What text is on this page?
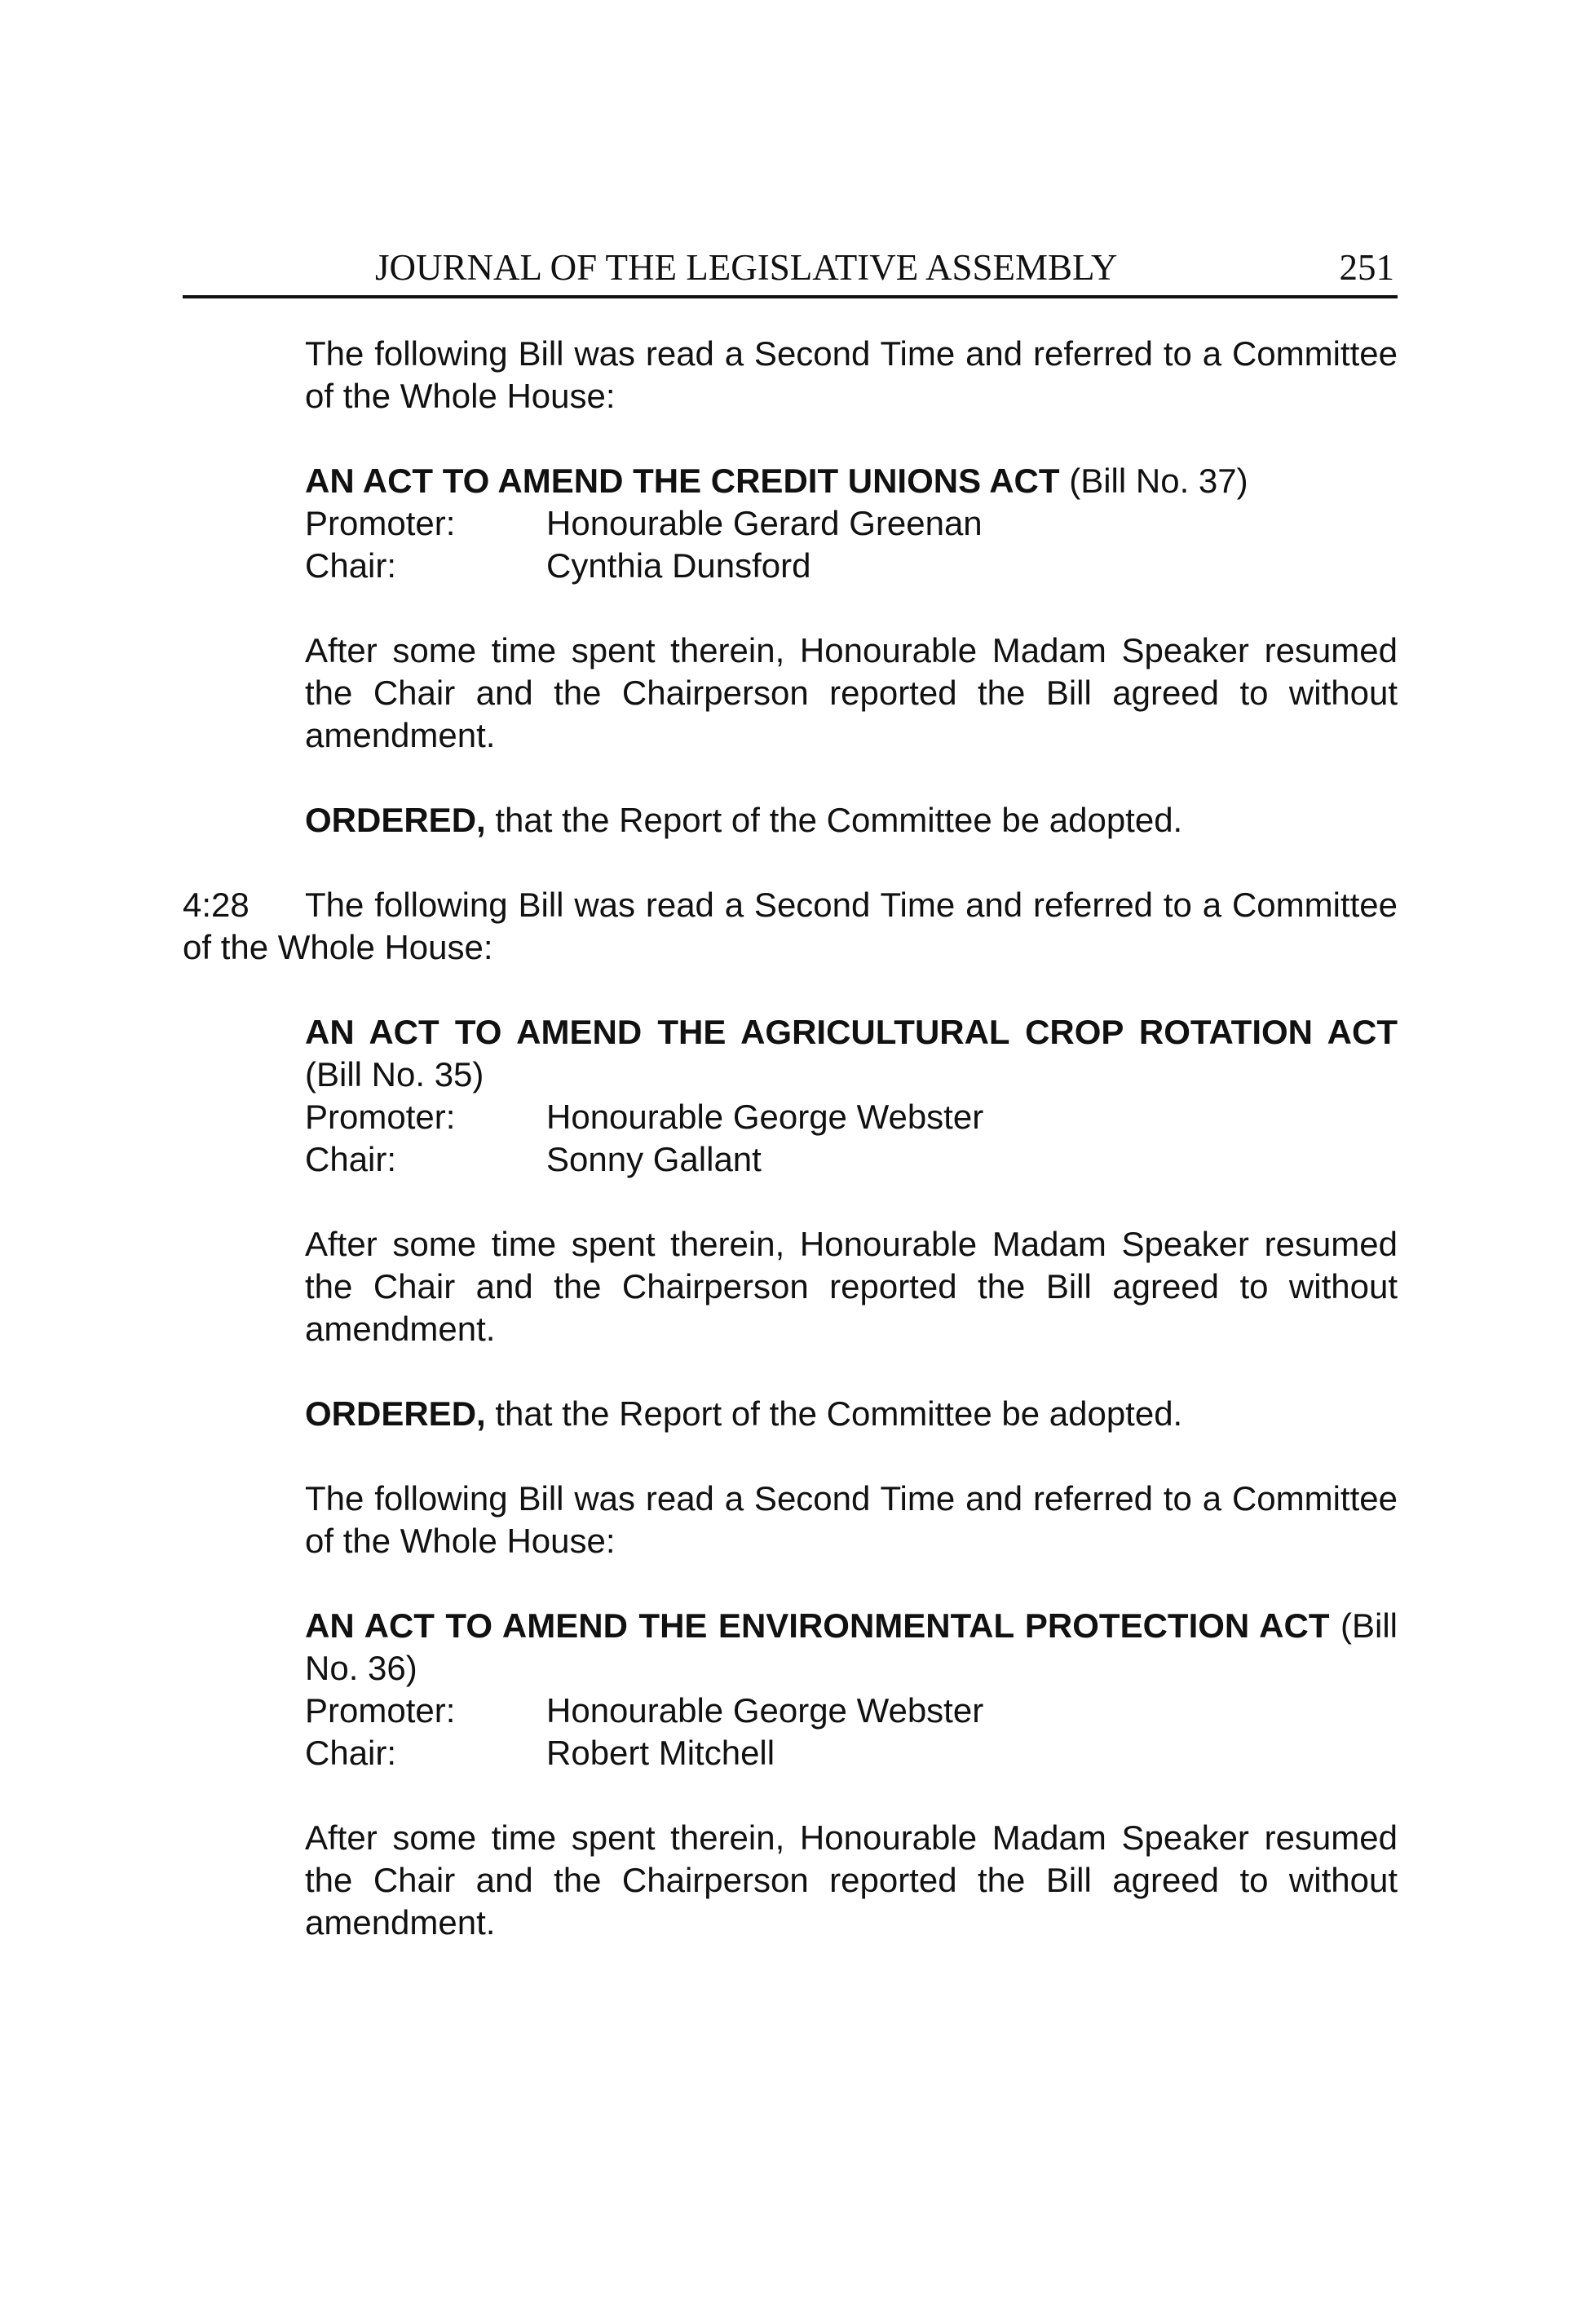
JOURNAL OF THE LEGISLATIVE ASSEMBLY	251

The following Bill was read a Second Time and referred to a Committee of the Whole House:

AN ACT TO AMEND THE CREDIT UNIONS ACT (Bill No. 37)
Promoter:	Honourable Gerard Greenan
Chair:	Cynthia Dunsford

After some time spent therein, Honourable Madam Speaker resumed the Chair and the Chairperson reported the Bill agreed to without amendment.

ORDERED, that the Report of the Committee be adopted.

4:28 The following Bill was read a Second Time and referred to a Committee of the Whole House:

AN ACT TO AMEND THE AGRICULTURAL CROP ROTATION ACT (Bill No. 35)
Promoter:	Honourable George Webster
Chair:	Sonny Gallant

After some time spent therein, Honourable Madam Speaker resumed the Chair and the Chairperson reported the Bill agreed to without amendment.

ORDERED, that the Report of the Committee be adopted.

The following Bill was read a Second Time and referred to a Committee of the Whole House:

AN ACT TO AMEND THE ENVIRONMENTAL PROTECTION ACT (Bill No. 36)
Promoter:	Honourable George Webster
Chair:	Robert Mitchell

After some time spent therein, Honourable Madam Speaker resumed the Chair and the Chairperson reported the Bill agreed to without amendment.
